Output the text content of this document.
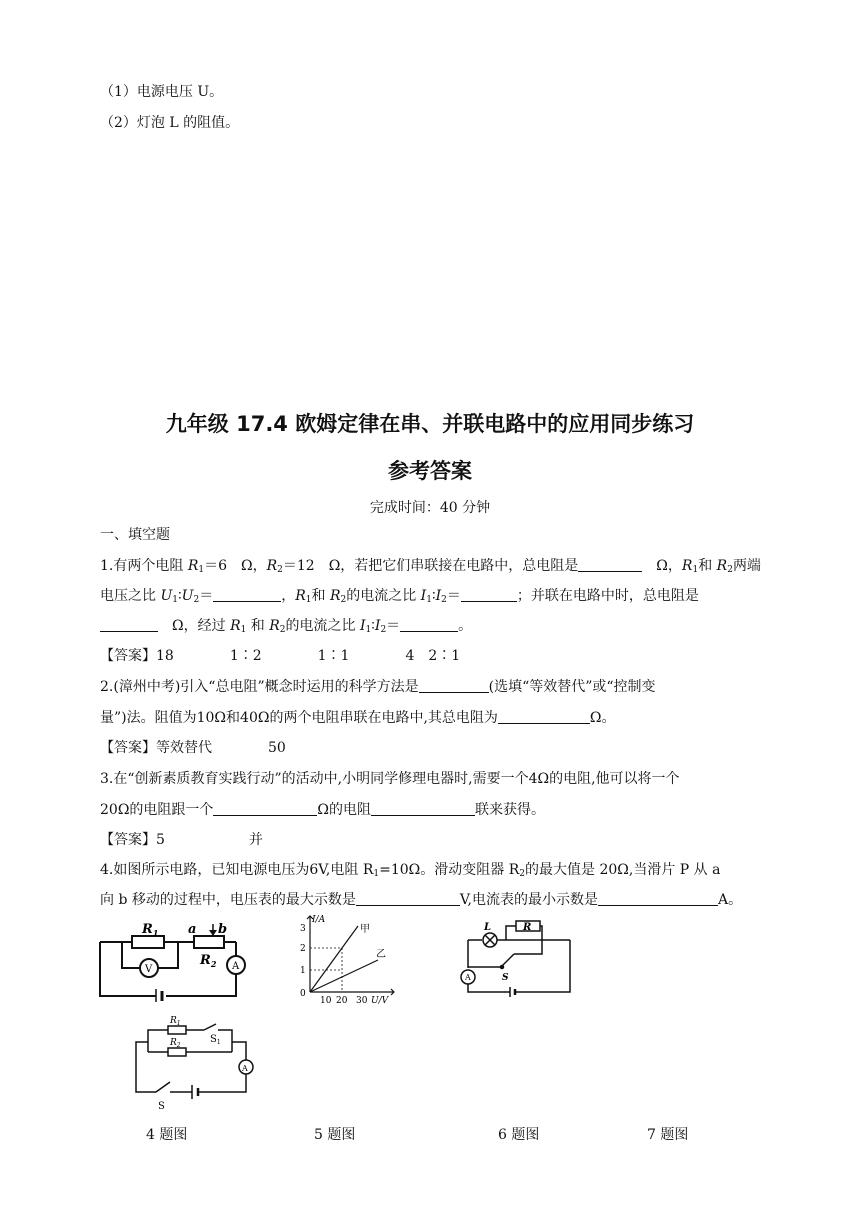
（1）电源电压 U。
（2）灯泡 L 的阻值。
九年级 17.4 欧姆定律在串、并联电路中的应用同步练习
参考答案
完成时间：40 分钟
一、填空题
1.有两个电阻 $R_1=6$　Ω，$R_2=12$　Ω，若把它们串联接在电路中，总电阻是	　Ω，$R_1$和 $R_2$两端
电压之比 $U_1∶U_2=$	，$R_1$和 $R_2$的电流之比 $I_1∶I_2=$	；并联在电路中时，总电阻是
　Ω，经过 $R_1$ 和 $R_2$的电流之比 $I_1∶I_2=$	。
【答案】18　　　　1∶2　　　　1∶1　　　　4　2∶1
2.(漳州中考)引入“总电阻”概念时运用的科学方法是	(选填“等效替代”或“控制变
量”)法。阻值为10Ω和40Ω的两个电阻串联在电路中,其总电阻为	Ω。
【答案】等效替代　　　　50
3.在“创新素质教育实践行动”的活动中,小明同学修理电器时,需要一个4Ω的电阻,他可以将一个
20Ω的电阻跟一个	Ω的电阻	联来获得。
【答案】5　　　　　　并
4.如图所示电路，已知电源电压为6V,电阻 $R_1=10\Omega$。滑动变阻器 $R_2$的最大值是 20Ω,当滑片 P 从 a
向 b 移动的过程中，电压表的最大示数是	V,电流表的最小示数是	A。
$R_1$ a b
$R_2$
V	A
I/A
3
2
1
0
10 20 30 U/V
甲
乙
L	R
S
A
$R_1$
$R_2$
$S_1$
S
A
4 题图	5 题图	6 题图	7 题图
